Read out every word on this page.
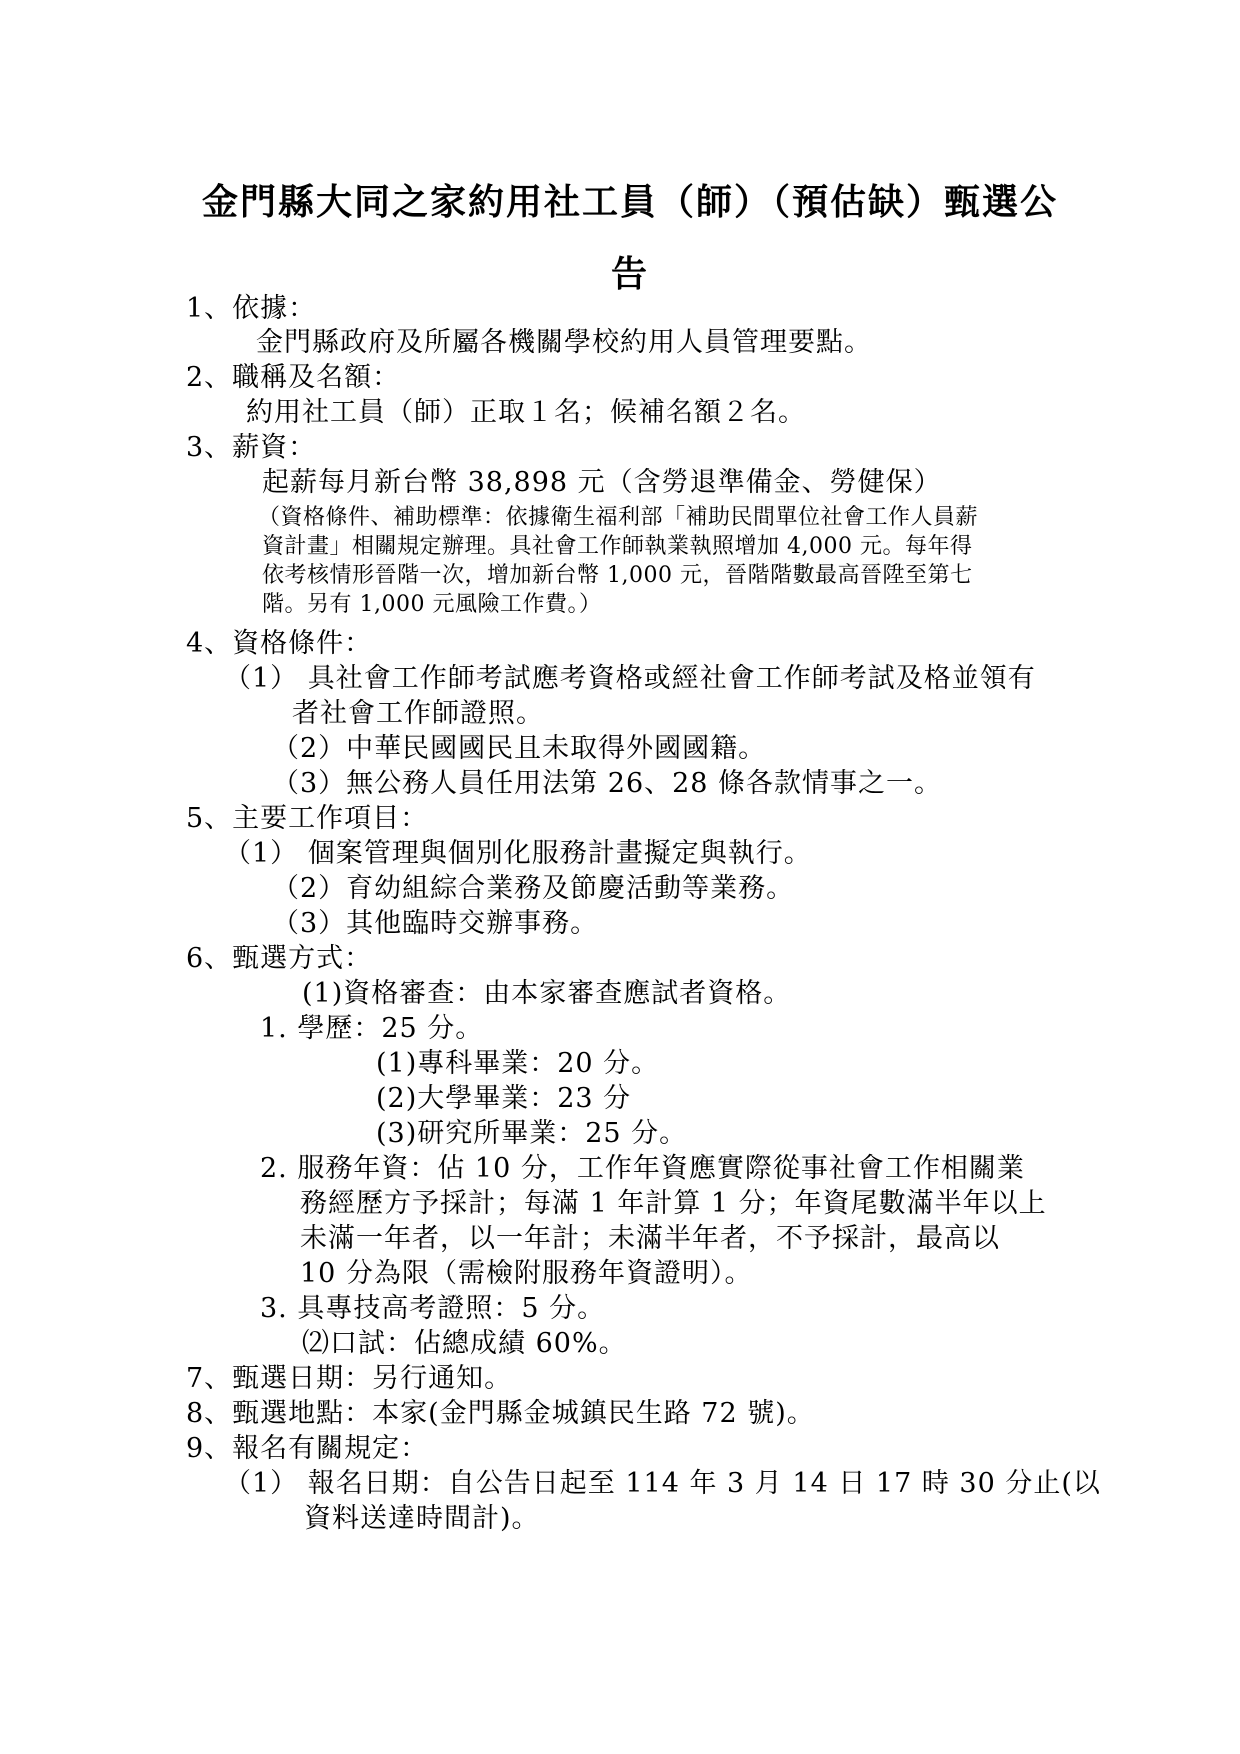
金門縣大同之家約用社工員（師）（預估缺）甄選公
告
1、依據：
金門縣政府及所屬各機關學校約用人員管理要點。
2、職稱及名額：
約用社工員（師）正取１名；候補名額２名。
3、薪資：
起薪每月新台幣 38,898 元（含勞退準備金、勞健保）
（資格條件、補助標準：依據衛生福利部「補助民間單位社會工作人員薪
資計畫」相關規定辦理。具社會工作師執業執照增加 4,000 元。每年得
依考核情形晉階一次，增加新台幣 1,000 元，晉階階數最高晉陞至第七
階。另有 1,000 元風險工作費。）
4、資格條件：
（1） 具社會工作師考試應考資格或經社會工作師考試及格並領有
者社會工作師證照。
（2）中華民國國民且未取得外國國籍。
（3）無公務人員任用法第 26、28 條各款情事之一。
5、主要工作項目：
（1） 個案管理與個別化服務計畫擬定與執行。
（2）育幼組綜合業務及節慶活動等業務。
（3）其他臨時交辦事務。
6、甄選方式：
(1)資格審查：由本家審查應試者資格。
1. 學歷：25 分。
(1)專科畢業：20 分。
(2)大學畢業：23 分
(3)研究所畢業：25 分。
2. 服務年資：佔 10 分，工作年資應實際從事社會工作相關業
務經歷方予採計；每滿 1 年計算 1 分；年資尾數滿半年以上
未滿一年者，以一年計；未滿半年者，不予採計，最高以
10 分為限（需檢附服務年資證明）。
3. 具專技高考證照：5 分。
⑵口試：佔總成績 60%。
7、甄選日期：另行通知。
8、甄選地點：本家(金門縣金城鎮民生路 72 號)。
9、報名有關規定：
（1） 報名日期：自公告日起至 114 年 3 月 14 日 17 時 30 分止(以
資料送達時間計)。
